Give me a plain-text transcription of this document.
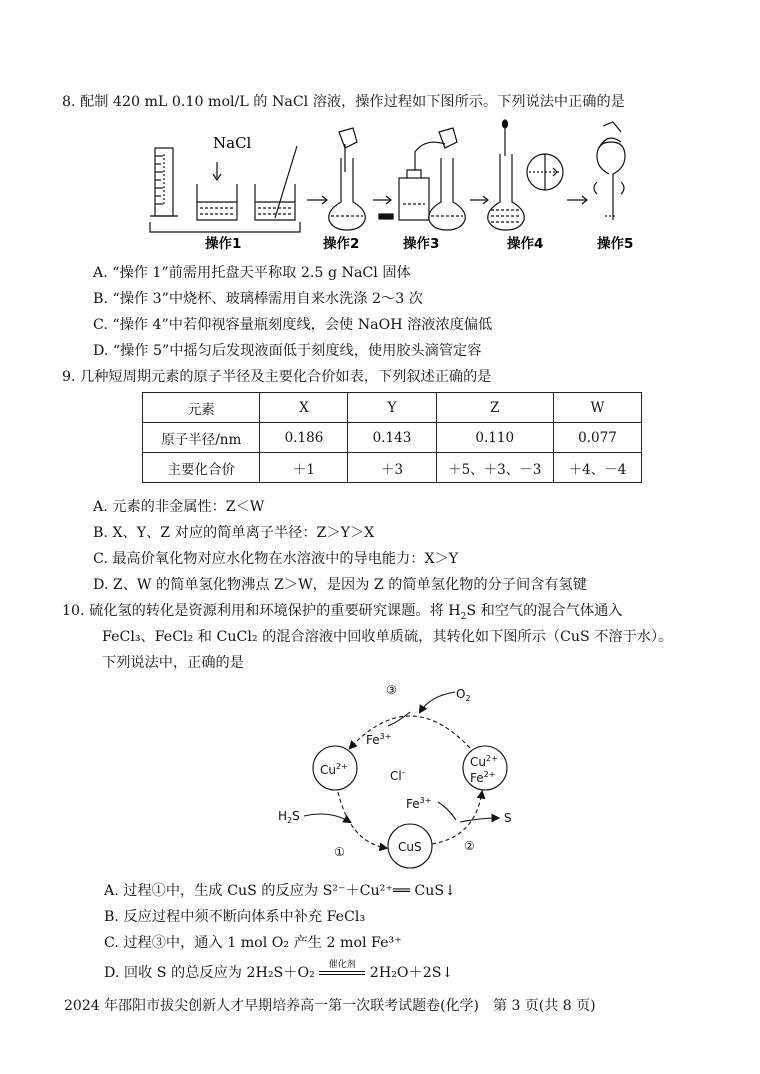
8. 配制 420 mL 0.10 mol/L 的 NaCl 溶液，操作过程如下图所示。下列说法中正确的是
NaCl
操作1	操作2	操作3	操作4	操作5
A. “操作 1”前需用托盘天平称取 2.5 g NaCl 固体
B. “操作 3”中烧杯、玻璃棒需用自来水洗涤 2～3 次
C. “操作 4”中若仰视容量瓶刻度线，会使 NaOH 溶液浓度偏低
D. “操作 5”中摇匀后发现液面低于刻度线，使用胶头滴管定容
9. 几种短周期元素的原子半径及主要化合价如表，下列叙述正确的是
元素	X	Y	Z	W
原子半径/nm	0.186	0.143	0.110	0.077
主要化合价	＋1	＋3	＋5、＋3、－3	＋4、－4
A. 元素的非金属性：Z＜W
B. X、Y、Z 对应的简单离子半径：Z＞Y＞X
C. 最高价氧化物对应水化物在水溶液中的导电能力：X＞Y
D. Z、W 的简单氢化物沸点 Z＞W，是因为 Z 的简单氢化物的分子间含有氢键
10. 硫化氢的转化是资源利用和环境保护的重要研究课题。将 $H_2S$ 和空气的混合气体通入
FeCl₃、FeCl₂ 和 CuCl₂ 的混合溶液中回收单质硫，其转化如下图所示（CuS 不溶于水）。
下列说法中，正确的是
③
①	②
$O_2$
$Fe^{3+}$
$Cu^{2+}$
Cl-
$Cu^{2+}$
$Fe^{2+}$
$Fe^{3+}$
$H_2S$	S
CuS
A. 过程①中，生成 CuS 的反应为 S²⁻＋Cu²⁺══ CuS↓
B. 反应过程中须不断向体系中补充 FeCl₃
C. 过程③中，通入 1 mol O₂ 产生 2 mol Fe³⁺
D. 回收 S 的总反应为 2H₂S＋O₂	催化剂 2H₂O＋2S↓
2024 年邵阳市拔尖创新人才早期培养高一第一次联考试题卷(化学)　第 3 页(共 8 页)
